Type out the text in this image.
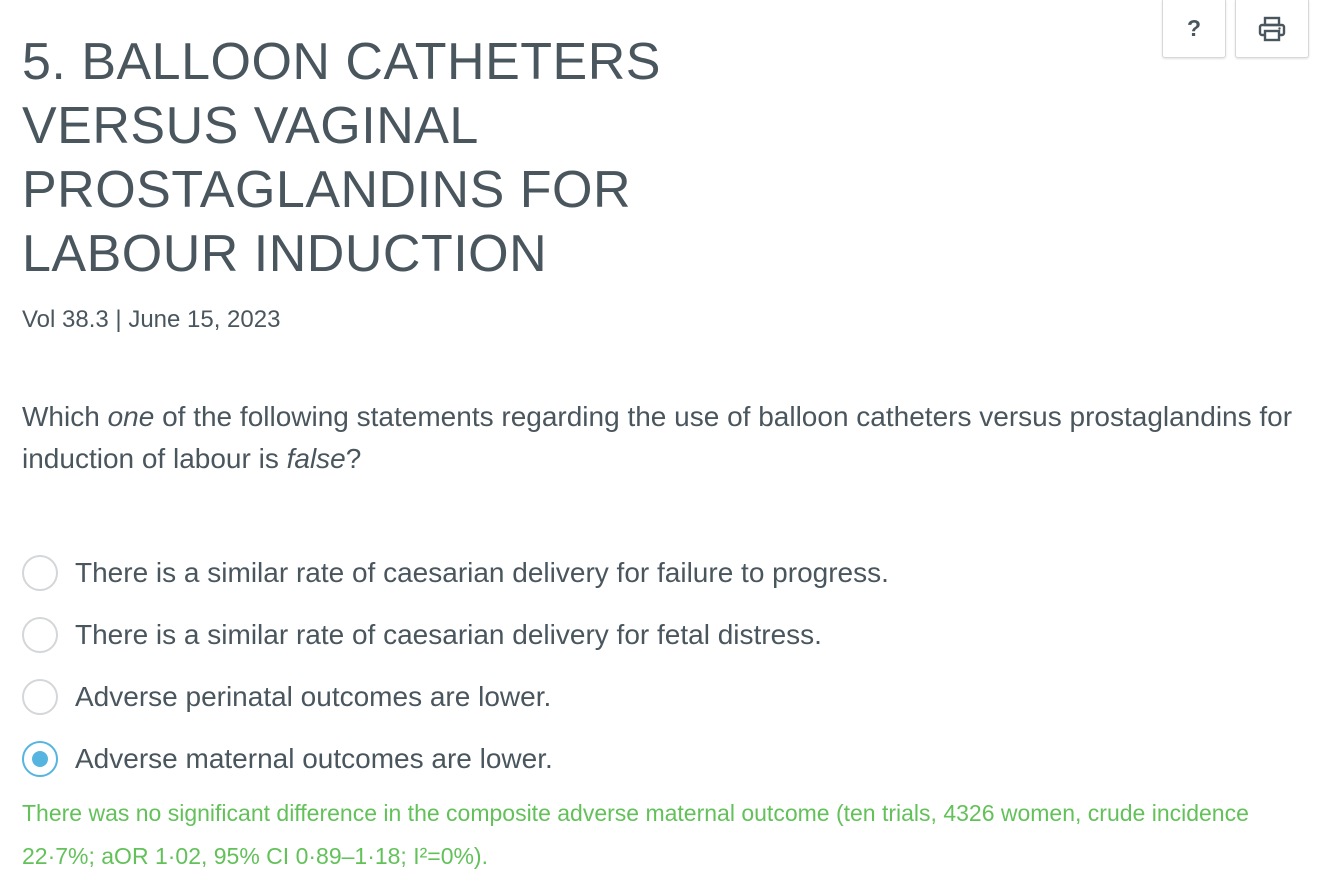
?
5. BALLOON CATHETERS
VERSUS VAGINAL
PROSTAGLANDINS FOR
LABOUR INDUCTION
Vol 38.3 | June 15, 2023
Which one of the following statements regarding the use of balloon catheters versus prostaglandins for induction of labour is false?
There is a similar rate of caesarian delivery for failure to progress.
There is a similar rate of caesarian delivery for fetal distress.
Adverse perinatal outcomes are lower.
Adverse maternal outcomes are lower.
There was no significant difference in the composite adverse maternal outcome (ten trials, 4326 women, crude incidence 22·7%; aOR 1·02, 95% CI 0·89–1·18; I²=0%).
